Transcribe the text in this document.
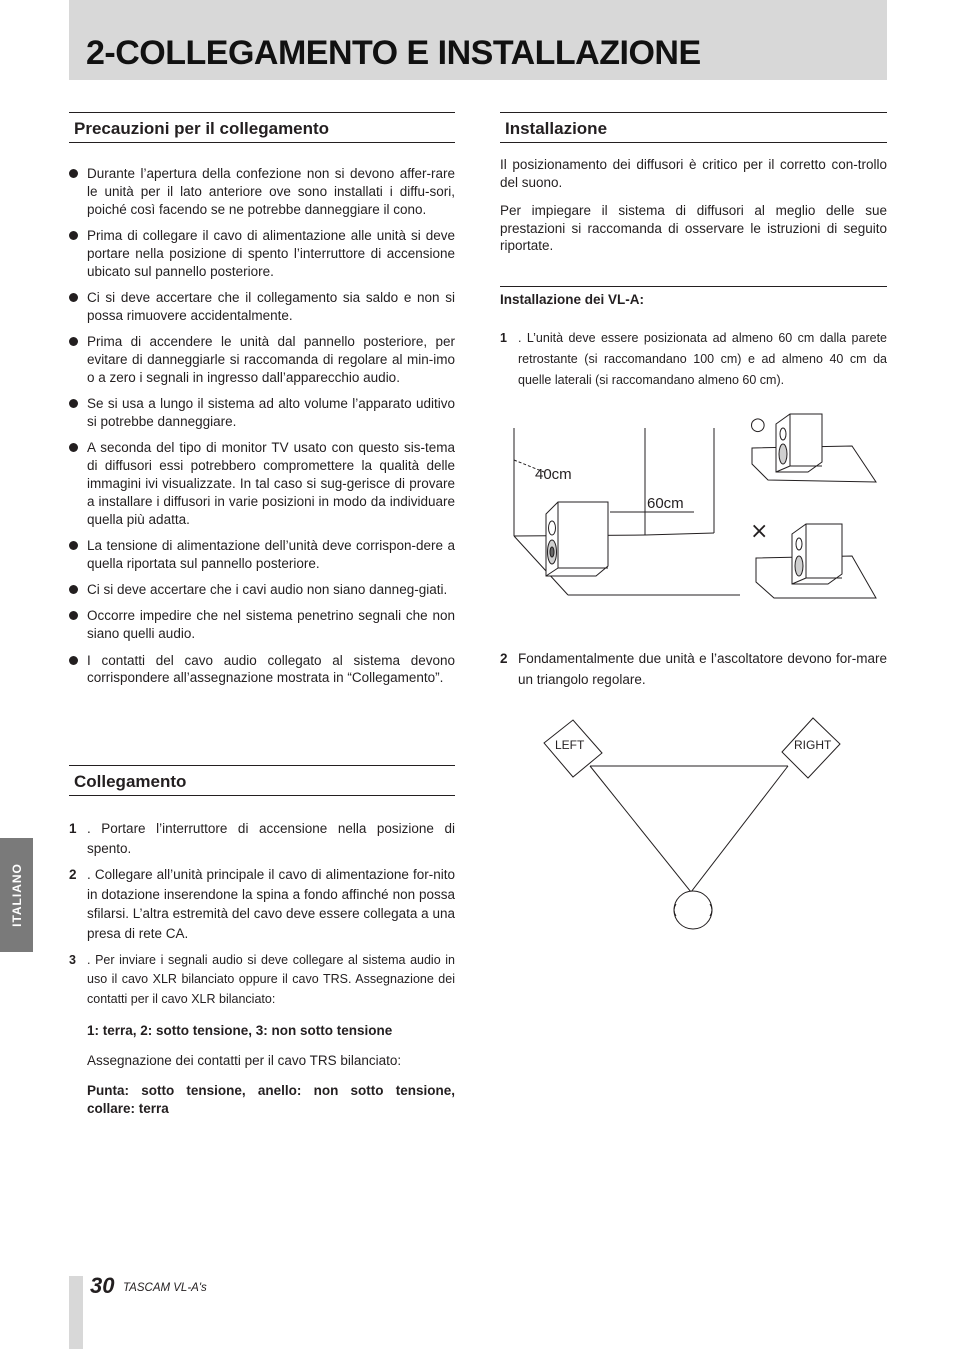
2-COLLEGAMENTO E INSTALLAZIONE
Precauzioni per il collegamento
Durante l’apertura della confezione non si devono affer-rare le unità per il lato anteriore ove sono installati i diffu-sori, poiché così facendo se ne potrebbe danneggiare il cono.
Prima di collegare il cavo di alimentazione alle unità si deve portare nella posizione di spento l’interruttore di accensione ubicato sul pannello posteriore.
Ci si deve accertare che il collegamento sia saldo e non si possa rimuovere accidentalmente.
Prima di accendere le unità dal pannello posteriore, per evitare di danneggiarle si raccomanda di regolare al min-imo o a zero i segnali in ingresso dall’apparecchio audio.
Se si usa a lungo il sistema ad alto volume l’apparato uditivo si potrebbe danneggiare.
A seconda del tipo di monitor TV usato con questo sis-tema di diffusori essi potrebbero compromettere la qualità delle immagini ivi visualizzate. In tal caso si sug-gerisce di provare a installare i diffusori in varie posizioni in modo da individuare quella più adatta.
La tensione di alimentazione dell’unità deve corrispon-dere a quella riportata sul pannello posteriore.
Ci si deve accertare che i cavi audio non siano danneg-giati.
Occorre impedire che nel sistema penetrino segnali che non siano quelli audio.
I contatti del cavo audio collegato al sistema devono corrispondere all’assegnazione mostrata in “Collegamento”.
Collegamento
1 . Portare l’interruttore di accensione nella posizione di spento.
2 . Collegare all’unità principale il cavo di alimentazione for-nito in dotazione inserendone la spina a fondo affinché non possa sfilarsi. L’altra estremità del cavo deve essere collegata a una presa di rete CA.
3 . Per inviare i segnali audio si deve collegare al sistema audio in uso il cavo XLR bilanciato oppure il cavo TRS. Assegnazione dei contatti per il cavo XLR bilanciato:

1: terra, 2: sotto tensione, 3: non sotto tensione

Assegnazione dei contatti per il cavo TRS bilanciato:

Punta: sotto tensione, anello: non sotto tensione, collare: terra

Installazione

Il posizionamento dei diffusori è critico per il corretto con-trollo del suono.

Per impiegare il sistema di diffusori al meglio delle sue prestazioni si raccomanda di osservare le istruzioni di seguito riportate.

Installazione dei VL-A:
1 . L’unità deve essere posizionata ad almeno 60 cm dalla parete retrostante (si raccomandano 100 cm) e ad almeno 40 cm da quelle laterali (si raccomandano almeno 60 cm).
40cm
60cm
○
×
2 Fondamentalmente due unità e l’ascoltatore devono for-mare un triangolo regolare.
LEFT	RIGHT
ITALIANO
30 TASCAM VL-A's
